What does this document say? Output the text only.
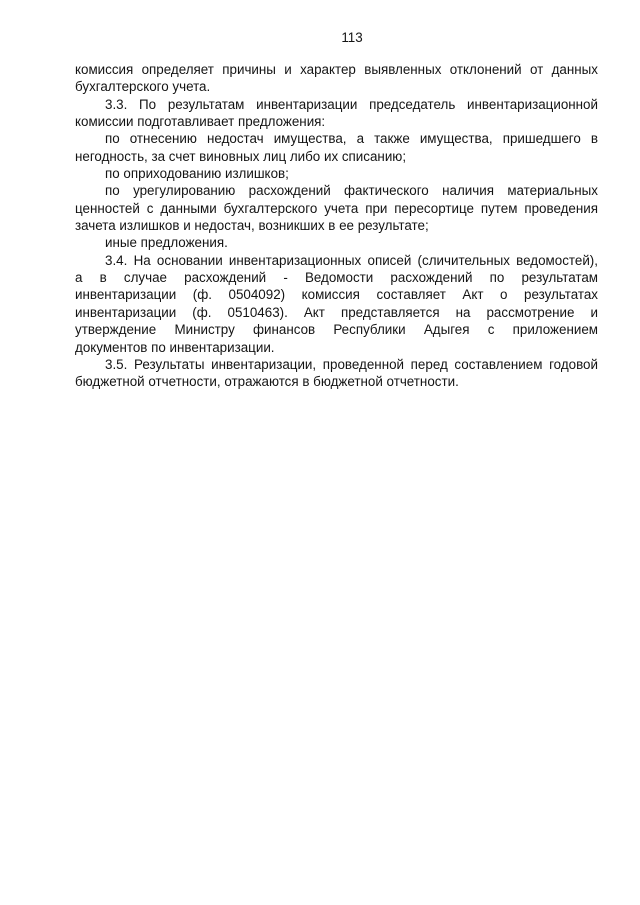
113
комиссия определяет причины и характер выявленных отклонений от данных
бухгалтерского учета.
3.3. По результатам инвентаризации председатель инвентаризационной
комиссии подготавливает предложения:
по отнесению недостач имущества, а также имущества, пришедшего в
негодность, за счет виновных лиц либо их списанию;
по оприходованию излишков;
по урегулированию расхождений фактического наличия материальных
ценностей с данными бухгалтерского учета при пересортице путем проведения
зачета излишков и недостач, возникших в ее результате;
иные предложения.
3.4. На основании инвентаризационных описей (сличительных ведомостей),
а в случае расхождений - Ведомости расхождений по результатам
инвентаризации (ф. 0504092) комиссия составляет Акт о результатах
инвентаризации (ф. 0510463). Акт представляется на рассмотрение и
утверждение Министру финансов Республики Адыгея с приложением
документов по инвентаризации.
3.5. Результаты инвентаризации, проведенной перед составлением годовой
бюджетной отчетности, отражаются в бюджетной отчетности.
